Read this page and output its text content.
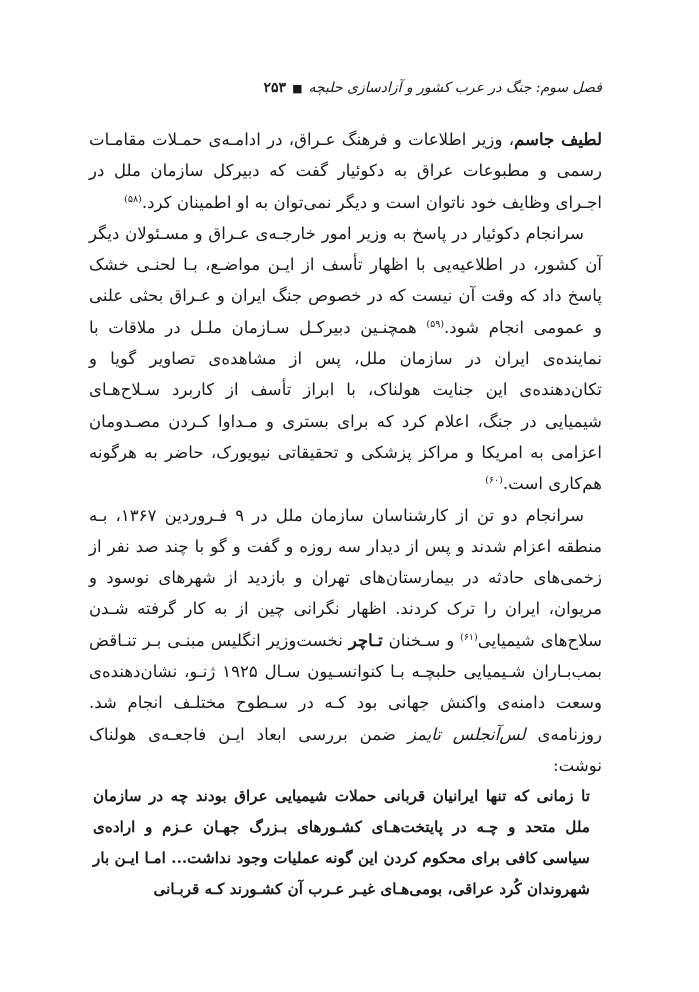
فصل سوم: جنگ در عرب کشور و آزادسازی حلبچه
■
۲۵۳

لطیف جاسم، وزیر اطلاعات و فرهنگ عـراق، در ادامـه‌ی حمـلات مقامـات رسمی و مطبوعات عراق به دکوئیار گفت که دبیرکل سازمان ملل در اجـرای وظایف خود ناتوان است و دیگر نمی‌توان به او اطمینان کرد.$^{(۵۸)}$

سرانجام دکوئیار در پاسخ به وزیر امور خارجـه‌ی عـراق و مسـئولان دیگر آن کشور، در اطلاعیه‌یی با اظهار تأسف از ایـن مواضـع، بـا لحنـی خشک پاسخ داد که وقت آن نیست که در خصوص جنگ ایران و عـراق بحثی علنی و عمومی انجام شود.$^{(۵۹)}$ همچنـین دبیرکـل سـازمان ملـل در ملاقات با نماینده‌ی ایران در سازمان ملل، پس از مشاهده‌ی تصاویر گویا و تکان‌دهنده‌ی این جنایت هولناک، با ابراز تأسف از کاربرد سـلاح‌هـای شیمیایی در جنگ، اعلام کرد که برای بستری و مـداوا کـردن مصـدومان اعزامی به امریکا و مراکز پزشکی و تحقیقاتی نیویورک، حاضر به هرگونه هم‌کاری است.$^{(۶۰)}$

سرانجام دو تن از کارشناسان سازمان ملل در ۹ فـروردین ۱۳۶۷، بـه منطقه اعزام شدند و پس از دیدار سه روزه و گفت و گو با چند صد نفر از زخمی‌های حادثه در بیمارستان‌های تهران و بازدید از شهرهای نوسود و مریوان، ایران را ترک کردند. اظهار نگرانی چین از به کار گرفته شـدن سلاح‌های شیمیایی$^{(۶۱)}$ و سـخنان تـاچر نخست‌وزیر انگلیس مبنـی بـر تنـاقض بمب‌بـاران شـیمیایی حلبچـه بـا کنوانسـیون سـال ۱۹۲۵ ژنـو، نشان‌دهنده‌ی وسعت دامنه‌ی واکنش جهانی بود کـه در سـطوح مختلـف انجام شد. روزنامه‌ی لس‌آنجلس تایمز ضمن بررسی ابعاد ایـن فاجعـه‌ی هولناک نوشت:

تا زمانی که تنها ایرانیان قربانی حملات شیمیایی عراق بودند چه در سازمان ملل متحد و چـه در پایتخت‌هـای کشـورهای بـزرگ جهـان عـزم و اراده‌ی سیاسی کافی برای محکوم کردن این گونه عملیات وجود نداشت... امـا ایـن بار شهروندان کُرد عراقی، بومی‌هـای غیـر عـرب آن کشـورند کـه قربـانی
